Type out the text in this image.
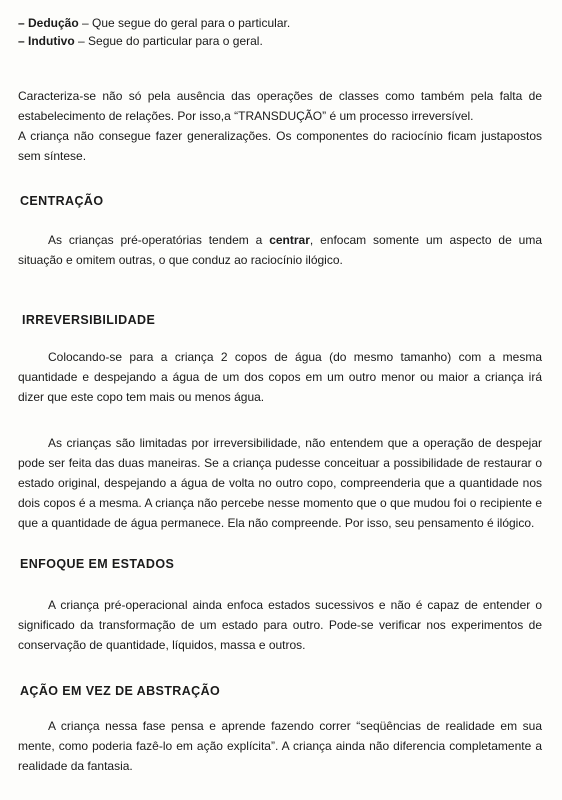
– Dedução – Que segue do geral para o particular.
– Indutivo – Segue do particular para o geral.

Caracteriza-se não só pela ausência das operações de classes como também pela falta de estabelecimento de relações. Por isso,a “TRANSDUÇÃO” é um processo irreversível.

A criança não consegue fazer generalizações. Os componentes do raciocínio ficam justapostos sem síntese.

CENTRAÇÃO

As crianças pré-operatórias tendem a centrar, enfocam somente um aspecto de uma situação e omitem outras, o que conduz ao raciocínio ilógico.

IRREVERSIBILIDADE

Colocando-se para a criança 2 copos de água (do mesmo tamanho) com a mesma quantidade e despejando a água de um dos copos em um outro menor ou maior a criança irá dizer que este copo tem mais ou menos água.

As crianças são limitadas por irreversibilidade, não entendem que a operação de despejar pode ser feita das duas maneiras. Se a criança pudesse conceituar a possibilidade de restaurar o estado original, despejando a água de volta no outro copo, compreenderia que a quantidade nos dois copos é a mesma. A criança não percebe nesse momento que o que mudou foi o recipiente e que a quantidade de água permanece. Ela não compreende. Por isso, seu pensamento é ilógico.

ENFOQUE EM ESTADOS

A criança pré-operacional ainda enfoca estados sucessivos e não é capaz de entender o significado da transformação de um estado para outro. Pode-se verificar nos experimentos de conservação de quantidade, líquidos, massa e outros.

AÇÃO EM VEZ DE ABSTRAÇÃO

A criança nessa fase pensa e aprende fazendo correr “seqüências de realidade em sua mente, como poderia fazê-lo em ação explícita”. A criança ainda não diferencia completamente a realidade da fantasia.
